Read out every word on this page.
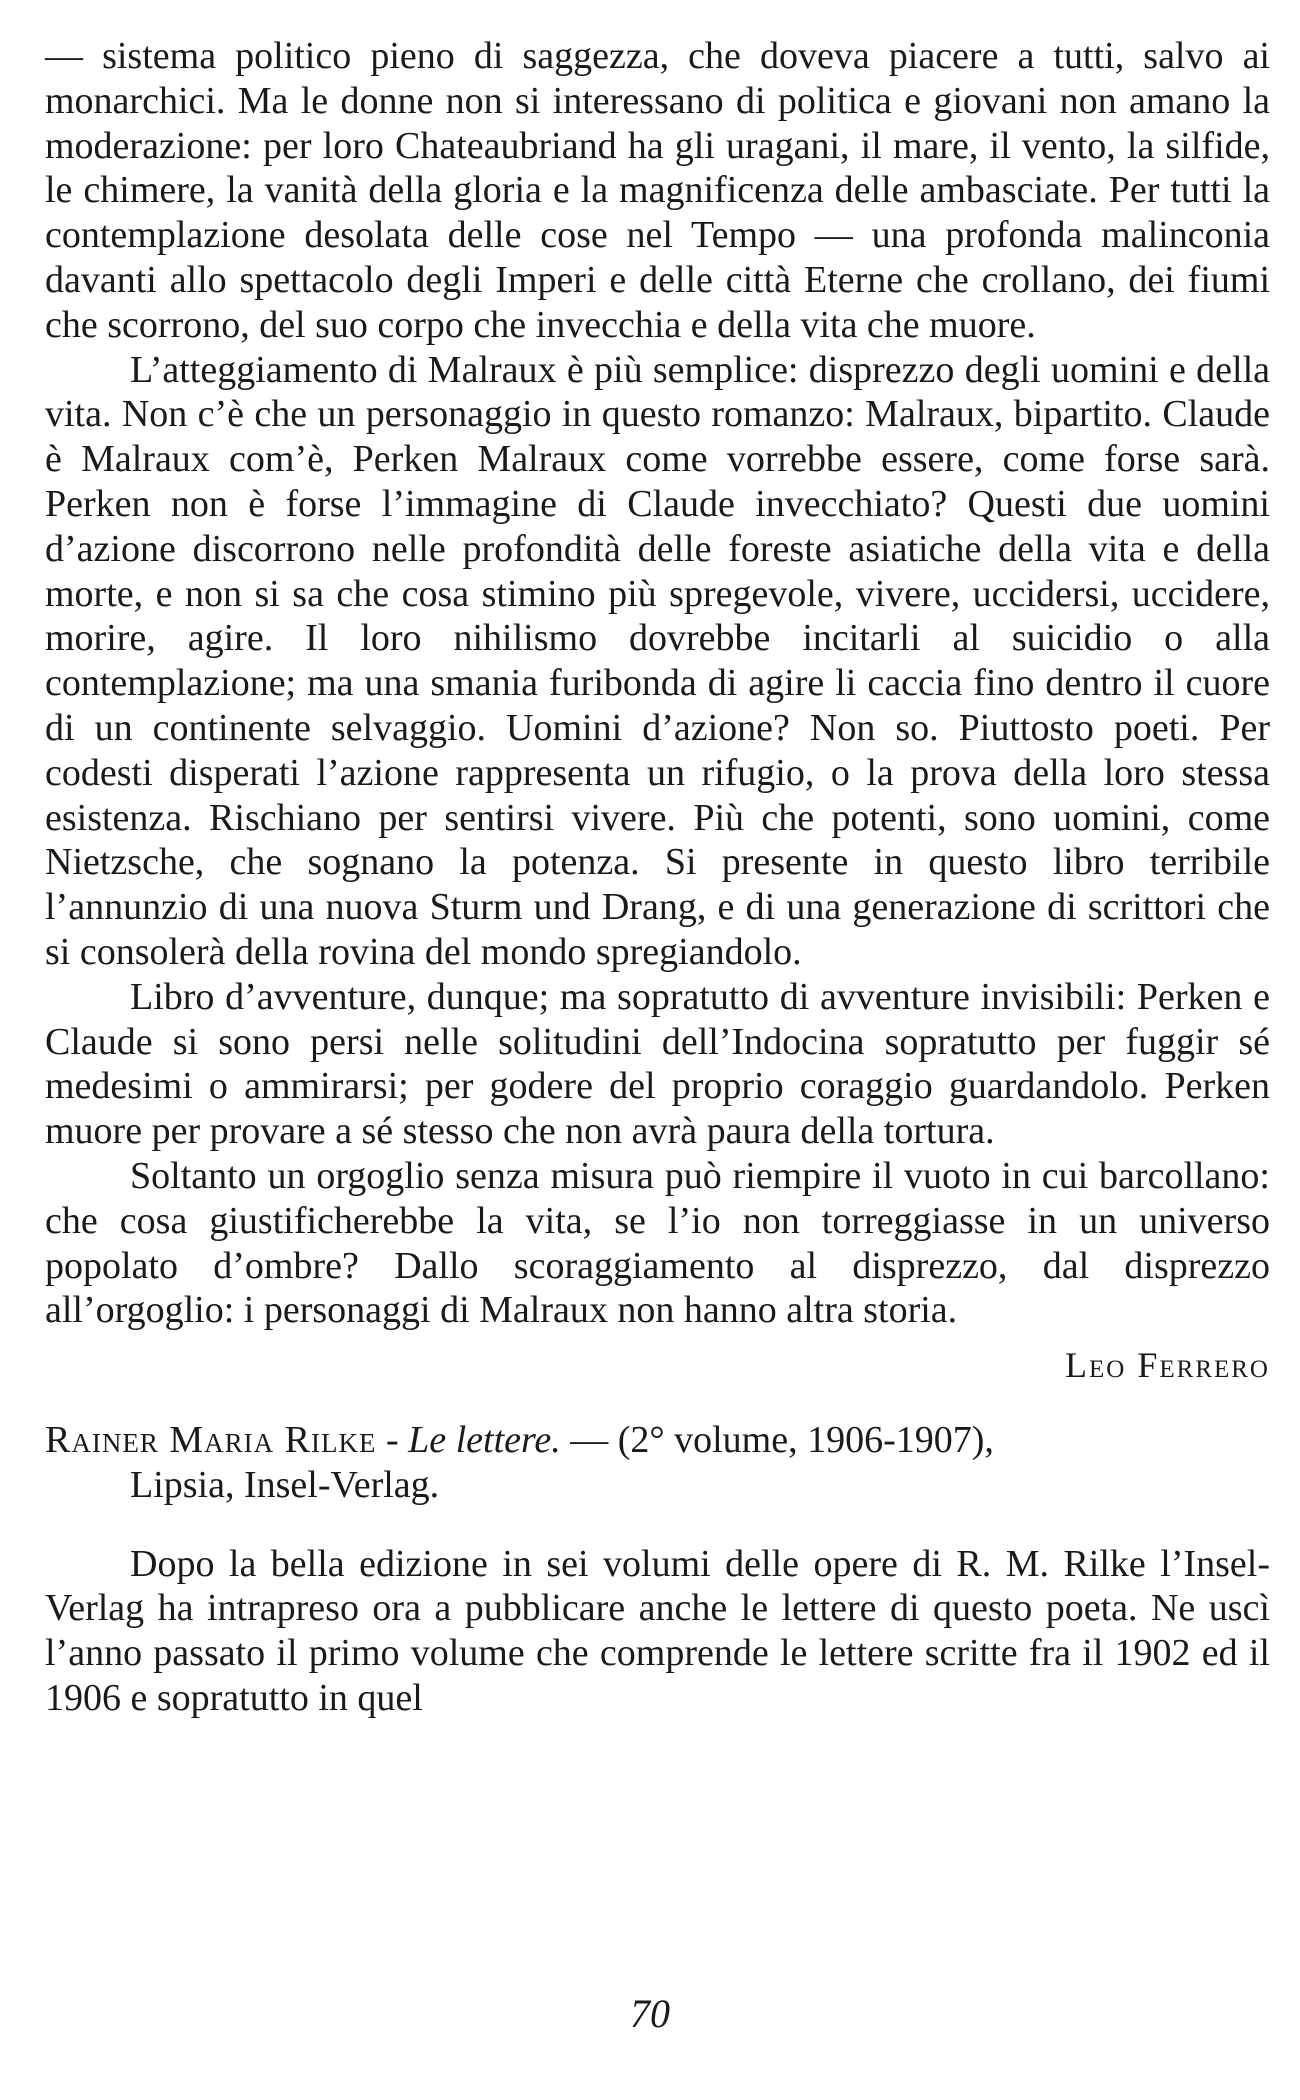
— sistema politico pieno di saggezza, che doveva piacere a tutti, salvo ai monarchici. Ma le donne non si interessano di politica e giovani non amano la moderazione: per loro Chateaubriand ha gli uragani, il mare, il vento, la silfide, le chimere, la vanità della gloria e la magnificenza delle ambasciate. Per tutti la contemplazione desolata delle cose nel Tempo — una profonda malinconia davanti allo spettacolo degli Imperi e delle città Eterne che crollano, dei fiumi che scorrono, del suo corpo che invecchia e della vita che muore.

L’atteggiamento di Malraux è più semplice: disprezzo degli uomini e della vita. Non c’è che un personaggio in questo romanzo: Malraux, bipartito. Claude è Malraux com’è, Perken Malraux come vorrebbe essere, come forse sarà. Perken non è forse l’immagine di Claude invecchiato? Questi due uomini d’azione discorrono nelle profondità delle foreste asiatiche della vita e della morte, e non si sa che cosa stimino più spregevole, vivere, uccidersi, uccidere, morire, agire. Il loro nihilismo dovrebbe incitarli al suicidio o alla contemplazione; ma una smania furibonda di agire li caccia fino dentro il cuore di un continente selvaggio. Uomini d’azione? Non so. Piuttosto poeti. Per codesti disperati l’azione rappresenta un rifugio, o la prova della loro stessa esistenza. Rischiano per sentirsi vivere. Più che potenti, sono uomini, come Nietzsche, che sognano la potenza. Si presente in questo libro terribile l’annunzio di una nuova Sturm und Drang, e di una generazione di scrittori che si consolerà della rovina del mondo spregiandolo.

Libro d’avventure, dunque; ma sopratutto di avventure invisibili: Perken e Claude si sono persi nelle solitudini dell’Indocina sopratutto per fuggir sé medesimi o ammirarsi; per godere del proprio coraggio guardandolo. Perken muore per provare a sé stesso che non avrà paura della tortura.

Soltanto un orgoglio senza misura può riempire il vuoto in cui barcollano: che cosa giustificherebbe la vita, se l’io non torreggiasse in un universo popolato d’ombre? Dallo scoraggiamento al disprezzo, dal disprezzo all’orgoglio: i personaggi di Malraux non hanno altra storia.

Leo Ferrero
Rainer Maria Rilke - Le lettere. — (2° volume, 1906-1907),
Lipsia, Insel-Verlag.

Dopo la bella edizione in sei volumi delle opere di R. M. Rilke l’Insel-Verlag ha intrapreso ora a pubblicare anche le lettere di questo poeta. Ne uscì l’anno passato il primo volume che comprende le lettere scritte fra il 1902 ed il 1906 e sopratutto in quel

70
